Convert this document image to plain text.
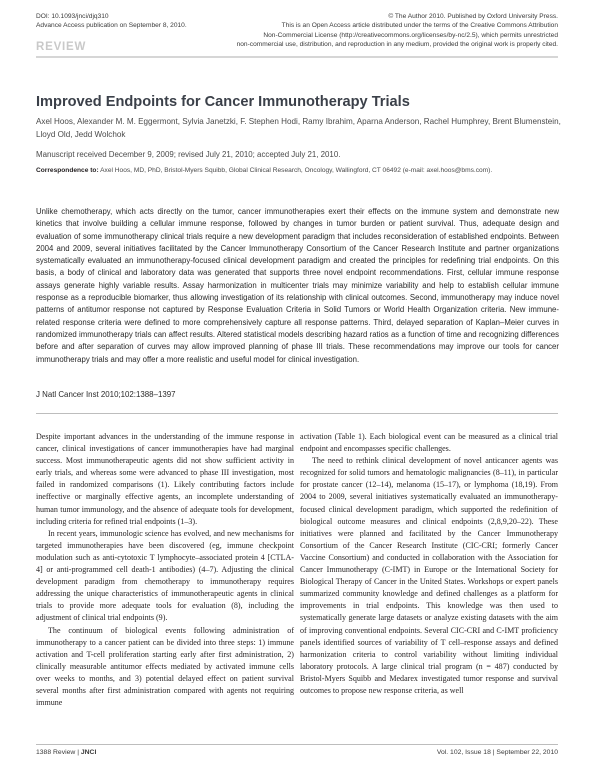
DOI: 10.1093/jnci/djq310
Advance Access publication on September 8, 2010.
© The Author 2010. Published by Oxford University Press.
This is an Open Access article distributed under the terms of the Creative Commons Attribution
Non-Commercial License (http://creativecommons.org/licenses/by-nc/2.5), which permits unrestricted
non-commercial use, distribution, and reproduction in any medium, provided the original work is properly cited.
REVIEW
Improved Endpoints for Cancer Immunotherapy Trials
Axel Hoos, Alexander M. M. Eggermont, Sylvia Janetzki, F. Stephen Hodi, Ramy Ibrahim, Aparna Anderson, Rachel Humphrey, Brent Blumenstein, Lloyd Old, Jedd Wolchok
Manuscript received December 9, 2009; revised July 21, 2010; accepted July 21, 2010.
Correspondence to: Axel Hoos, MD, PhD, Bristol-Myers Squibb, Global Clinical Research, Oncology, Wallingford, CT 06492 (e-mail: axel.hoos@bms.com).
Unlike chemotherapy, which acts directly on the tumor, cancer immunotherapies exert their effects on the immune system and demonstrate new kinetics that involve building a cellular immune response, followed by changes in tumor burden or patient survival. Thus, adequate design and evaluation of some immunotherapy clinical trials require a new development paradigm that includes reconsideration of established endpoints. Between 2004 and 2009, several initiatives facilitated by the Cancer Immunotherapy Consortium of the Cancer Research Institute and partner organizations systematically evaluated an immunotherapy-focused clinical development paradigm and created the principles for redefining trial endpoints. On this basis, a body of clinical and laboratory data was generated that supports three novel endpoint recommendations. First, cellular immune response assays generate highly variable results. Assay harmonization in multicenter trials may minimize variability and help to establish cellular immune response as a reproducible biomarker, thus allowing investigation of its relationship with clinical outcomes. Second, immunotherapy may induce novel patterns of antitumor response not captured by Response Evaluation Criteria in Solid Tumors or World Health Organization criteria. New immune-related response criteria were defined to more comprehensively capture all response patterns. Third, delayed separation of Kaplan–Meier curves in randomized immunotherapy trials can affect results. Altered statistical models describing hazard ratios as a function of time and recognizing differences before and after separation of curves may allow improved planning of phase III trials. These recommendations may improve our tools for cancer immunotherapy trials and may offer a more realistic and useful model for clinical investigation.
J Natl Cancer Inst 2010;102:1388–1397

Despite important advances in the understanding of the immune response in cancer, clinical investigations of cancer immunotherapies have had marginal success. Most immunotherapeutic agents did not show sufficient activity in early trials, and whereas some were advanced to phase III investigation, most failed in randomized comparisons (1). Likely contributing factors include ineffective or marginally effective agents, an incomplete understanding of human tumor immunology, and the absence of adequate tools for development, including criteria for refined trial endpoints (1–3).

In recent years, immunologic science has evolved, and new mechanisms for targeted immunotherapies have been discovered (eg, immune checkpoint modulation such as anti-cytotoxic T lymphocyte–associated protein 4 [CTLA-4] or anti-programmed cell death-1 antibodies) (4–7). Adjusting the clinical development paradigm from chemotherapy to immunotherapy requires addressing the unique characteristics of immunotherapeutic agents in clinical trials to provide more adequate tools for evaluation (8), including the adjustment of clinical trial endpoints (9).

The continuum of biological events following administration of immunotherapy to a cancer patient can be divided into three steps: 1) immune activation and T-cell proliferation starting early after first administration, 2) clinically measurable antitumor effects mediated by activated immune cells over weeks to months, and 3) potential delayed effect on patient survival several months after first administration compared with agents not requiring immune

activation (Table 1). Each biological event can be measured as a clinical trial endpoint and encompasses specific challenges.

The need to rethink clinical development of novel anticancer agents was recognized for solid tumors and hematologic malignancies (8–11), in particular for prostate cancer (12–14), melanoma (15–17), or lymphoma (18,19). From 2004 to 2009, several initiatives systematically evaluated an immunotherapy-focused clinical development paradigm, which supported the redefinition of biological outcome measures and clinical endpoints (2,8,9,20–22). These initiatives were planned and facilitated by the Cancer Immunotherapy Consortium of the Cancer Research Institute (CIC-CRI; formerly Cancer Vaccine Consortium) and conducted in collaboration with the Association for Cancer Immunotherapy (C-IMT) in Europe or the International Society for Biological Therapy of Cancer in the United States. Workshops or expert panels summarized community knowledge and defined challenges as a platform for improvements in trial endpoints. This knowledge was then used to systematically generate large datasets or analyze existing datasets with the aim of improving conventional endpoints. Several CIC-CRI and C-IMT proficiency panels identified sources of variability of T cell–response assays and defined harmonization criteria to control variability without limiting individual laboratory protocols. A large clinical trial program (n = 487) conducted by Bristol-Myers Squibb and Medarex investigated tumor response and survival outcomes to propose new response criteria, as well

1388 Review | JNCI	Vol. 102, Issue 18 | September 22, 2010
